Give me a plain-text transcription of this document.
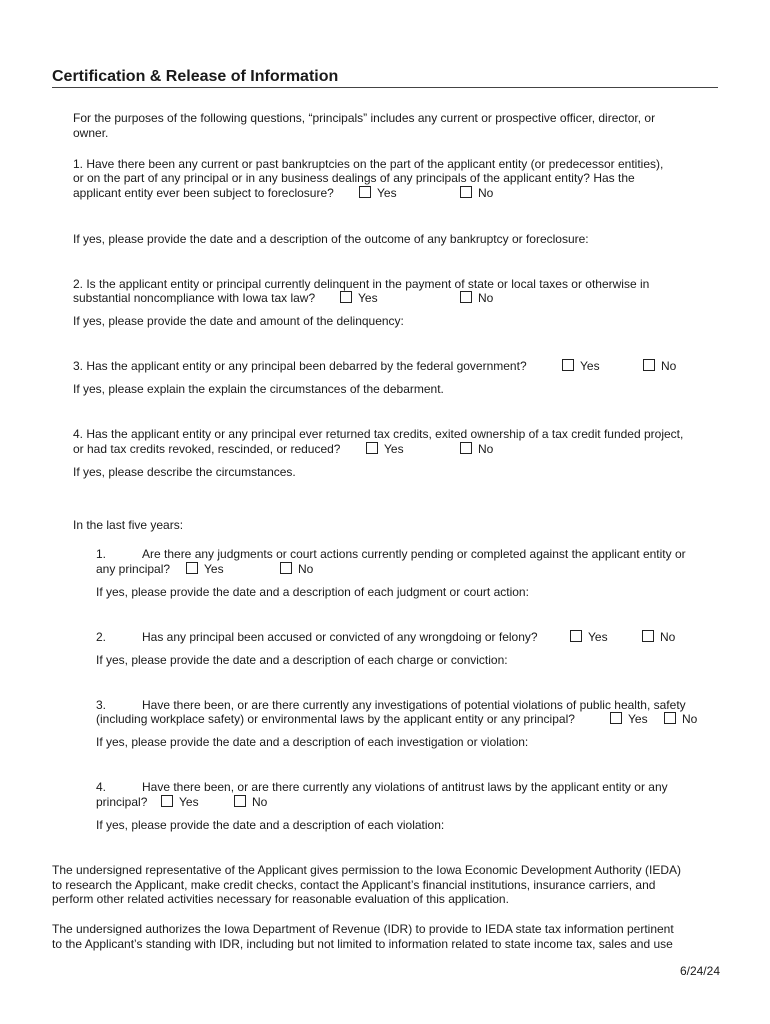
Certification & Release of Information
For the purposes of the following questions, “principals” includes any current or prospective officer, director, or
owner.
1. Have there been any current or past bankruptcies on the part of the applicant entity (or predecessor entities),
or on the part of any principal or in any business dealings of any principals of the applicant entity? Has the
applicant entity ever been subject to foreclosure?	Yes	No
If yes, please provide the date and a description of the outcome of any bankruptcy or foreclosure:
2. Is the applicant entity or principal currently delinquent in the payment of state or local taxes or otherwise in
substantial noncompliance with Iowa tax law?	Yes	No
If yes, please provide the date and amount of the delinquency:
3. Has the applicant entity or any principal been debarred by the federal government?	Yes	No
If yes, please explain the explain the circumstances of the debarment.
4. Has the applicant entity or any principal ever returned tax credits, exited ownership of a tax credit funded project,
or had tax credits revoked, rescinded, or reduced?	Yes	No
If yes, please describe the circumstances.
In the last five years:
1.	Are there any judgments or court actions currently pending or completed against the applicant entity or
any principal?	Yes	No
If yes, please provide the date and a description of each judgment or court action:
2.	Has any principal been accused or convicted of any wrongdoing or felony?	Yes	No
If yes, please provide the date and a description of each charge or conviction:
3.	Have there been, or are there currently any investigations of potential violations of public health, safety
(including workplace safety) or environmental laws by the applicant entity or any principal?	Yes	No
If yes, please provide the date and a description of each investigation or violation:
4.	Have there been, or are there currently any violations of antitrust laws by the applicant entity or any
principal?	Yes	No
If yes, please provide the date and a description of each violation:
The undersigned representative of the Applicant gives permission to the Iowa Economic Development Authority (IEDA)
to research the Applicant, make credit checks, contact the Applicant’s financial institutions, insurance carriers, and
perform other related activities necessary for reasonable evaluation of this application.
The undersigned authorizes the Iowa Department of Revenue (IDR) to provide to IEDA state tax information pertinent
to the Applicant’s standing with IDR, including but not limited to information related to state income tax, sales and use
6/24/24
